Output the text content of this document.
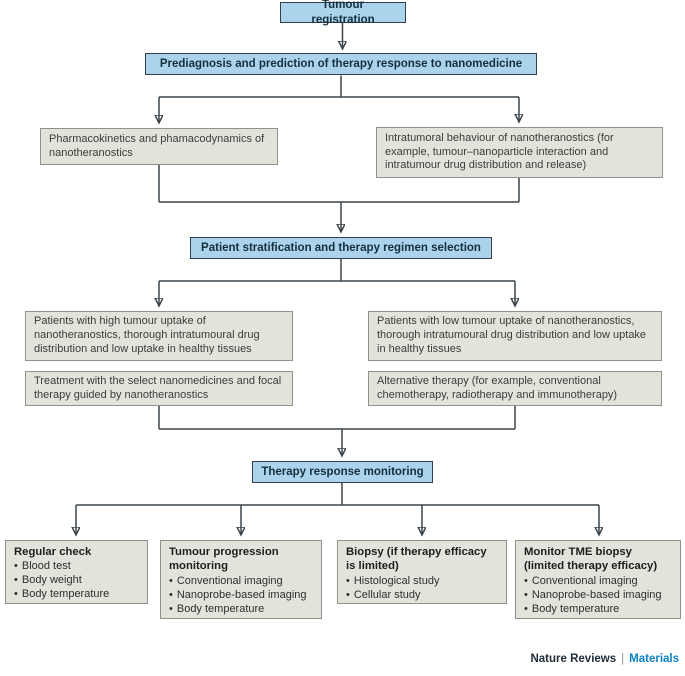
Tumour registration
Prediagnosis and prediction of therapy response to nanomedicine
Pharmacokinetics and phamacodynamics of nanotheranostics
Intratumoral behaviour of nanotheranostics (for example, tumour–nanoparticle interaction and intratumour drug distribution and release)
Patient stratification and therapy regimen selection
Patients with high tumour uptake of nanotheranostics, thorough intratumoural drug distribution and low uptake in healthy tissues
Treatment with the select nanomedicines and focal therapy guided by nanotheranostics
Patients with low tumour uptake of nanotheranostics, thorough intratumoural drug distribution and low uptake in healthy tissues
Alternative therapy (for example, conventional chemotherapy, radiotherapy and immunotherapy)
Therapy response monitoring
Regular check
• Blood test
• Body weight
• Body temperature
Tumour progression monitoring
• Conventional imaging
• Nanoprobe-based imaging
• Body temperature
Biopsy (if therapy efficacy is limited)
• Histological study
• Cellular study
Monitor TME biopsy (limited therapy efficacy)
• Conventional imaging
• Nanoprobe-based imaging
• Body temperature
Nature Reviews | Materials
